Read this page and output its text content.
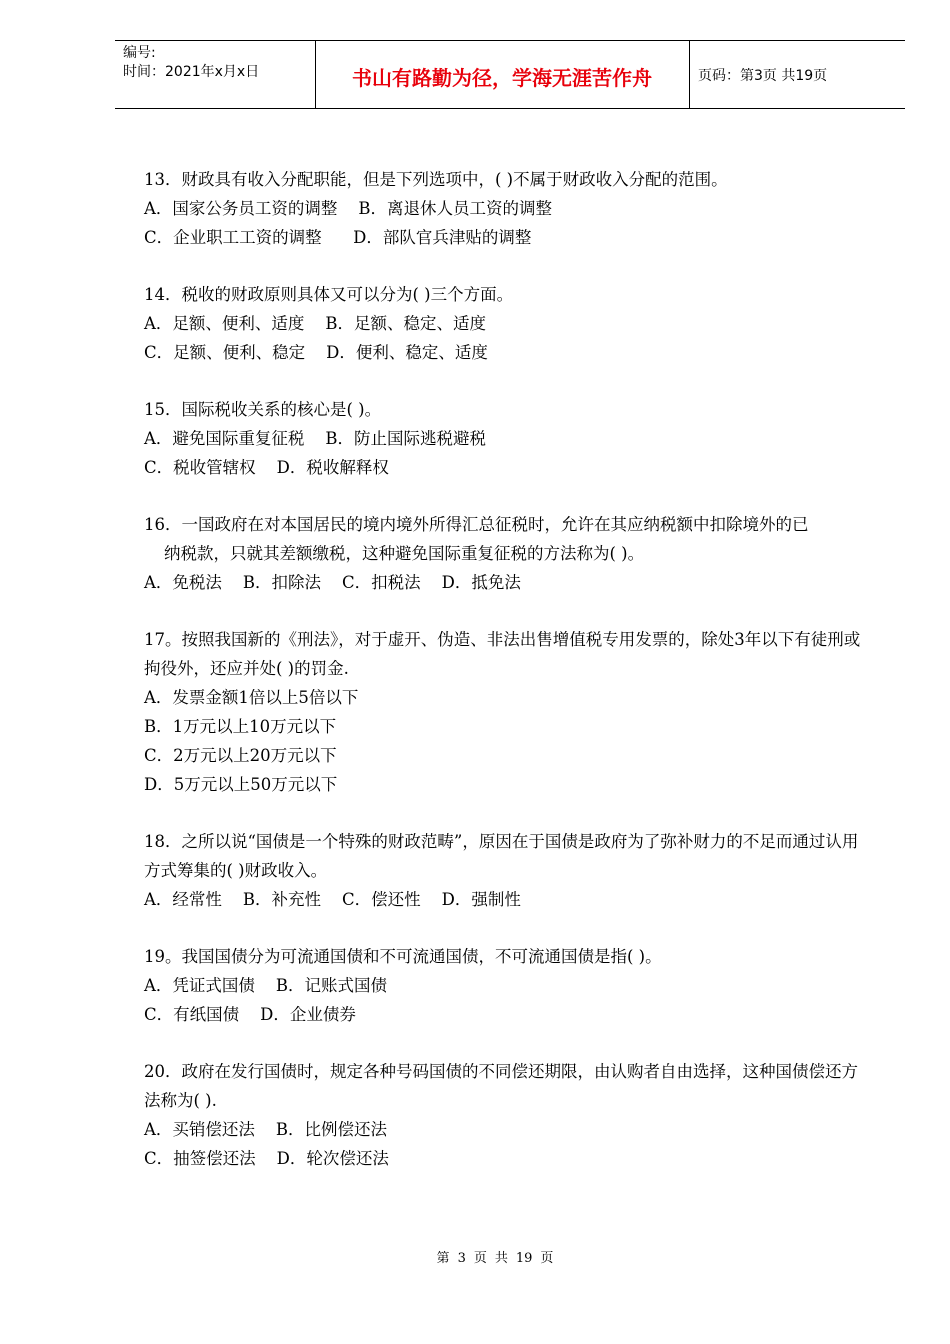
编号:
时间：2021年x月x日	书山有路勤为径，学海无涯苦作舟	页码：第3页 共19页
13．财政具有收入分配职能，但是下列选项中，( )不属于财政收入分配的范围。
A．国家公务员工资的调整    B．离退休人员工资的调整
C．企业职工工资的调整      D．部队官兵津贴的调整
14．税收的财政原则具体又可以分为( )三个方面。
A．足额、便利、适度    B．足额、稳定、适度
C．足额、便利、稳定    D．便利、稳定、适度
15．国际税收关系的核心是( )。
A．避免国际重复征税    B．防止国际逃税避税
C．税收管辖权    D．税收解释权
16．一国政府在对本国居民的境内境外所得汇总征税时，允许在其应纳税额中扣除境外的已
纳税款，只就其差额缴税，这种避免国际重复征税的方法称为( )。
A．免税法    B．扣除法    C．扣税法    D．抵免法
17。按照我国新的《刑法》，对于虚开、伪造、非法出售增值税专用发票的，除处3年以下有徒刑或拘役外，还应并处( )的罚金.
A．发票金额1倍以上5倍以下
B．1万元以上10万元以下
C．2万元以上20万元以下
D．5万元以上50万元以下
18．之所以说“国债是一个特殊的财政范畴”，原因在于国债是政府为了弥补财力的不足而通过认用方式筹集的( )财政收入。
A．经常性    B．补充性    C．偿还性    D．强制性
19。我国国债分为可流通国债和不可流通国债，不可流通国债是指( )。
A．凭证式国债    B．记账式国债
C．有纸国债    D．企业债券
20．政府在发行国债时，规定各种号码国债的不同偿还期限，由认购者自由选择，这种国债偿还方法称为( ).
A．买销偿还法    B．比例偿还法
C．抽签偿还法    D．轮次偿还法
第 3 页 共 19 页
